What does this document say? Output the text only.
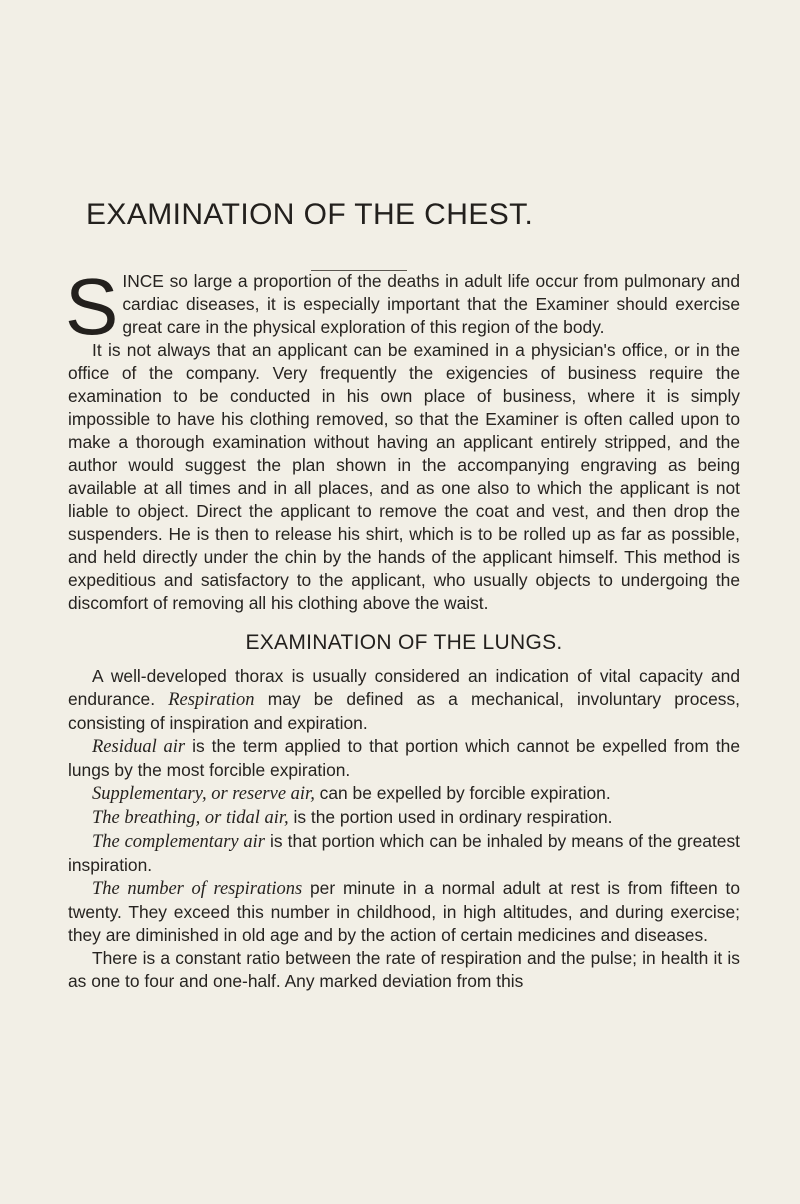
EXAMINATION OF THE CHEST.

SINCE so large a proportion of the deaths in adult life occur from pulmonary and cardiac diseases, it is especially important that the Examiner should exercise great care in the physical exploration of this region of the body.

It is not always that an applicant can be examined in a physician's office, or in the office of the company. Very frequently the exigencies of business require the examination to be conducted in his own place of business, where it is simply impossible to have his clothing removed, so that the Examiner is often called upon to make a thorough examination without having an applicant entirely stripped, and the author would suggest the plan shown in the accompanying engraving as being available at all times and in all places, and as one also to which the applicant is not liable to object. Direct the applicant to remove the coat and vest, and then drop the suspenders. He is then to release his shirt, which is to be rolled up as far as possible, and held directly under the chin by the hands of the applicant himself. This method is expeditious and satisfactory to the applicant, who usually objects to undergoing the discomfort of removing all his clothing above the waist.

EXAMINATION OF THE LUNGS.

A well-developed thorax is usually considered an indication of vital capacity and endurance. Respiration may be defined as a mechanical, involuntary process, consisting of inspiration and expiration.

Residual air is the term applied to that portion which cannot be expelled from the lungs by the most forcible expiration.

Supplementary, or reserve air, can be expelled by forcible expiration.

The breathing, or tidal air, is the portion used in ordinary respiration.

The complementary air is that portion which can be inhaled by means of the greatest inspiration.

The number of respirations per minute in a normal adult at rest is from fifteen to twenty. They exceed this number in childhood, in high altitudes, and during exercise; they are diminished in old age and by the action of certain medicines and diseases.

There is a constant ratio between the rate of respiration and the pulse; in health it is as one to four and one-half. Any marked deviation from this
